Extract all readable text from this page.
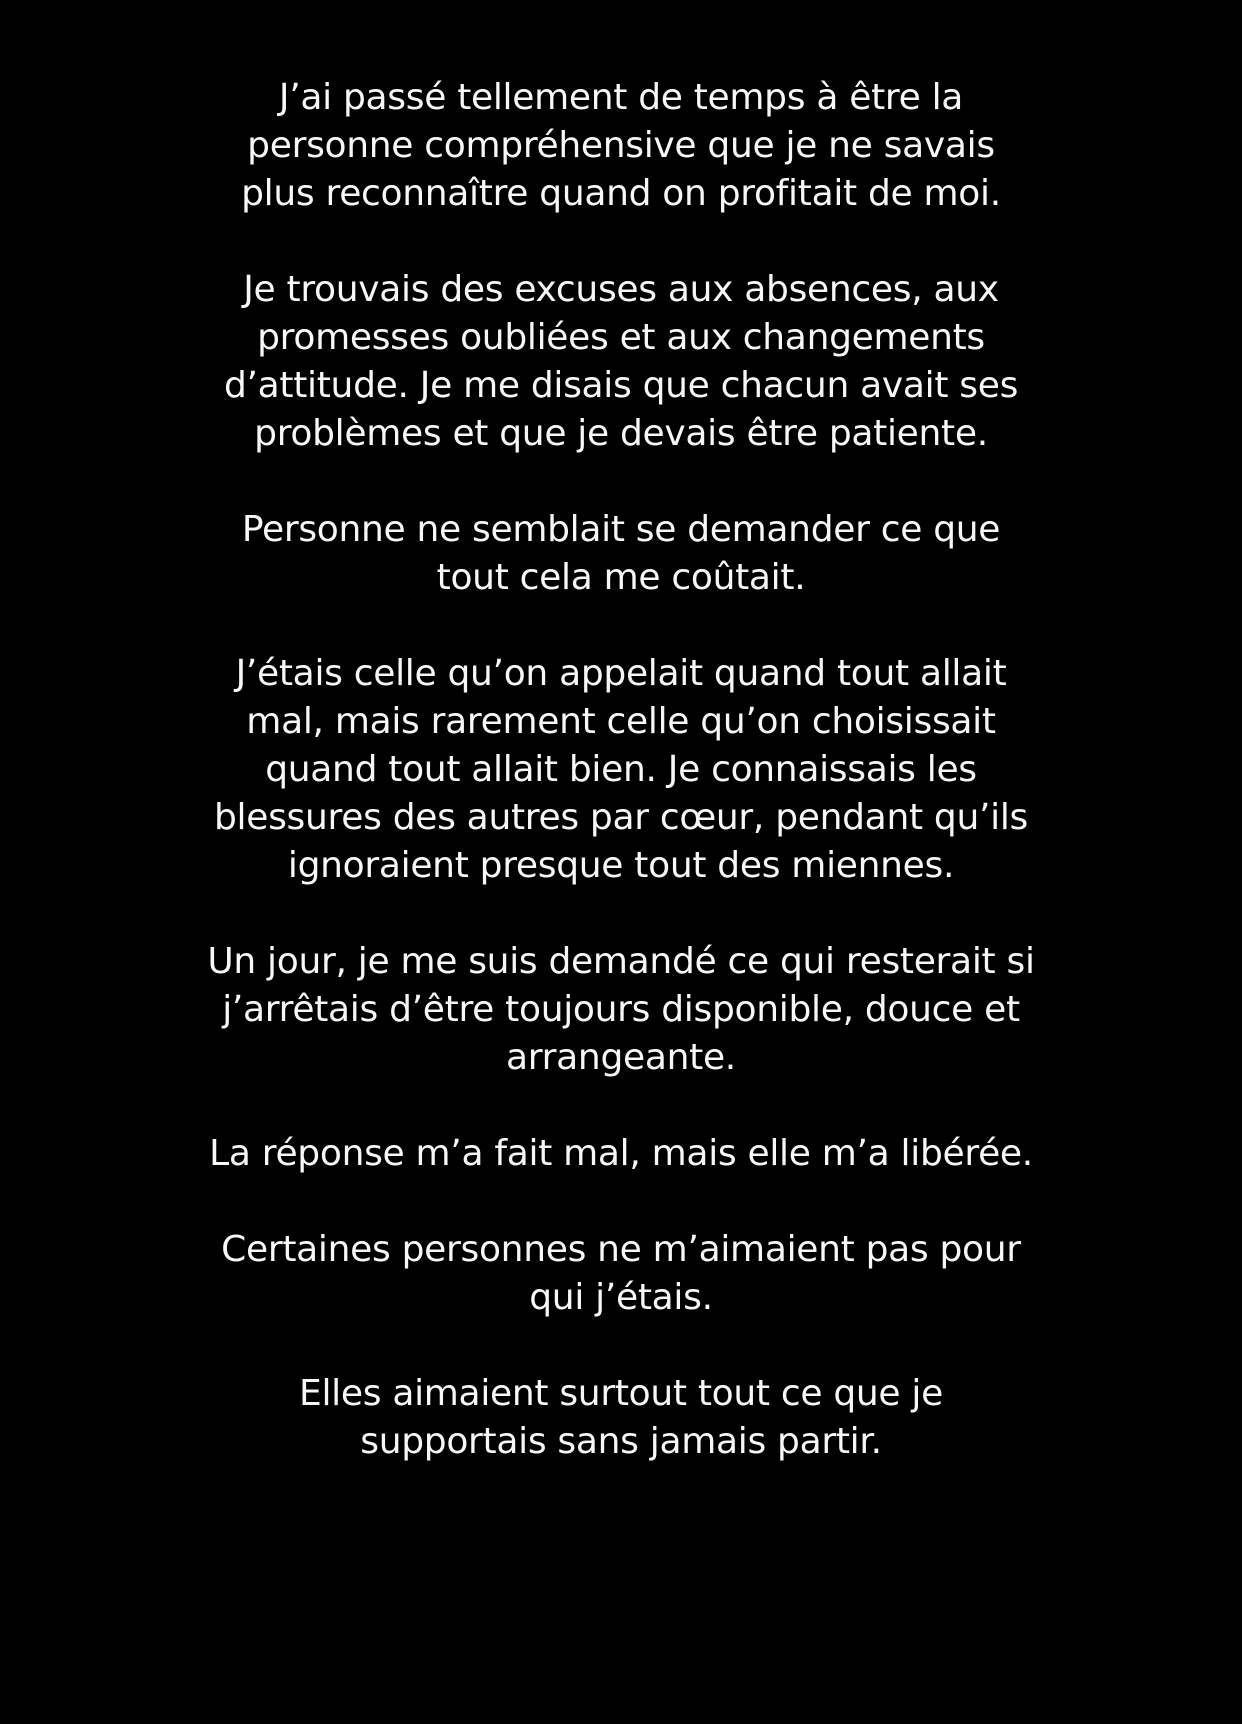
J’ai passé tellement de temps à être la
personne compréhensive que je ne savais
plus reconnaître quand on profitait de moi.

Je trouvais des excuses aux absences, aux
promesses oubliées et aux changements
d’attitude. Je me disais que chacun avait ses
problèmes et que je devais être patiente.

Personne ne semblait se demander ce que
tout cela me coûtait.

J’étais celle qu’on appelait quand tout allait
mal, mais rarement celle qu’on choisissait
quand tout allait bien. Je connaissais les
blessures des autres par cœur, pendant qu’ils
ignoraient presque tout des miennes.

Un jour, je me suis demandé ce qui resterait si
j’arrêtais d’être toujours disponible, douce et
arrangeante.

La réponse m’a fait mal, mais elle m’a libérée.

Certaines personnes ne m’aimaient pas pour
qui j’étais.

Elles aimaient surtout tout ce que je
supportais sans jamais partir.
